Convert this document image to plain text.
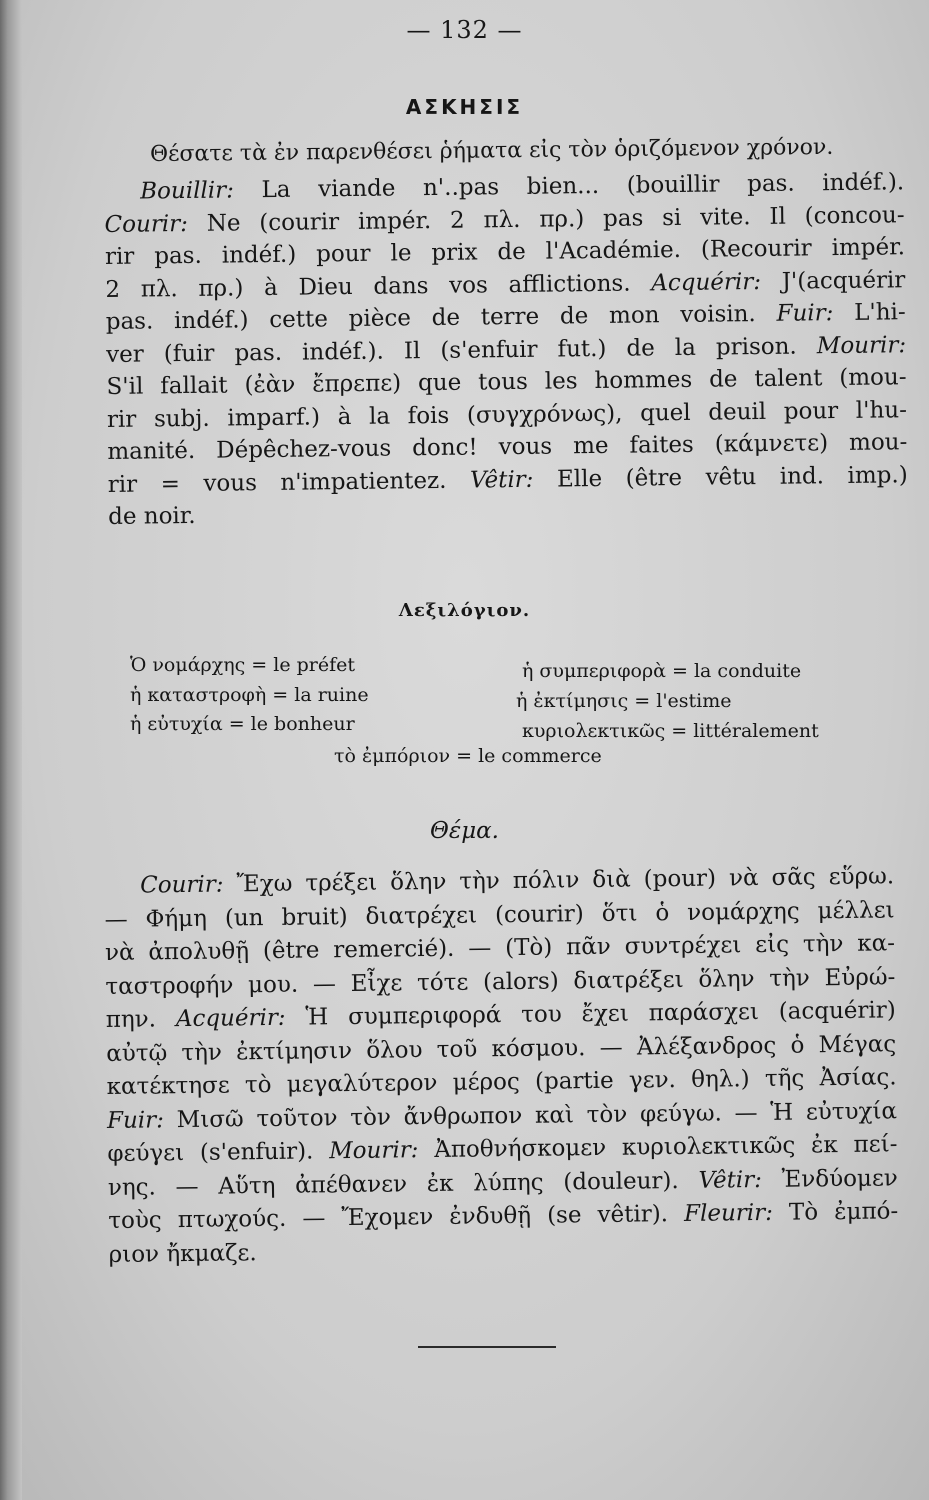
— 132 —
ΑΣΚΗΣΙΣ
Θέσατε τὰ ἐν παρενθέσει ῥήματα εἰς τὸν ὁριζόμενον χρόνον.
Bouillir: La viande n'..pas bien... (bouillir pas. indéf.).
Courir: Ne (courir impér. 2 πλ. πρ.) pas si vite. Il (concou-
rir pas. indéf.) pour le prix de l'Académie. (Recourir impér.
2 πλ. πρ.) à Dieu dans vos afflictions. Acquérir: J'(acquérir
pas. indéf.) cette pièce de terre de mon voisin. Fuir: L'hi-
ver (fuir pas. indéf.). Il (s'enfuir fut.) de la prison. Mourir:
S'il fallait (ἐὰν ἔπρεπε) que tous les hommes de talent (mou-
rir subj. imparf.) à la fois (συγχρόνως), quel deuil pour l'hu-
manité. Dépêchez-vous donc! vous me faites (κάμνετε) mou-
rir = vous n'impatientez. Vêtir: Elle (être vêtu ind. imp.)
de noir.
Λεξιλόγιον.
Ὁ νομάρχης = le préfet
ἡ καταστροφὴ = la ruine
ἡ εὐτυχία = le bonheur
ἡ συμπεριφορὰ = la conduite
ἡ ἐκτίμησις = l'estime
κυριολεκτικῶς = littéralement
τὸ ἐμπόριον = le commerce
Θέμα.
Courir: Ἔχω τρέξει ὅλην τὴν πόλιν διὰ (pour) νὰ σᾶς εὕρω.
— Φήμη (un bruit) διατρέχει (courir) ὅτι ὁ νομάρχης μέλλει
νὰ ἀπολυθῇ (être remercié). — (Τὸ) πᾶν συντρέχει εἰς τὴν κα-
ταστροφήν μου. — Εἶχε τότε (alors) διατρέξει ὅλην τὴν Εὐρώ-
πην. Acquérir: Ἡ συμπεριφορά του ἔχει παράσχει (acquérir)
αὐτῷ τὴν ἐκτίμησιν ὅλου τοῦ κόσμου. — Ἀλέξανδρος ὁ Μέγας
κατέκτησε τὸ μεγαλύτερον μέρος (partie γεν. θηλ.) τῆς Ἀσίας.
Fuir: Μισῶ τοῦτον τὸν ἄνθρωπον καὶ τὸν φεύγω. — Ἡ εὐτυχία
φεύγει (s'enfuir). Mourir: Ἀποθνήσκομεν κυριολεκτικῶς ἐκ πεί-
νης. — Αὕτη ἀπέθανεν ἐκ λύπης (douleur). Vêtir: Ἐνδύομεν
τοὺς πτωχούς. — Ἔχομεν ἐνδυθῇ (se vêtir). Fleurir: Τὸ ἐμπό-
ριον ἤκμαζε.
